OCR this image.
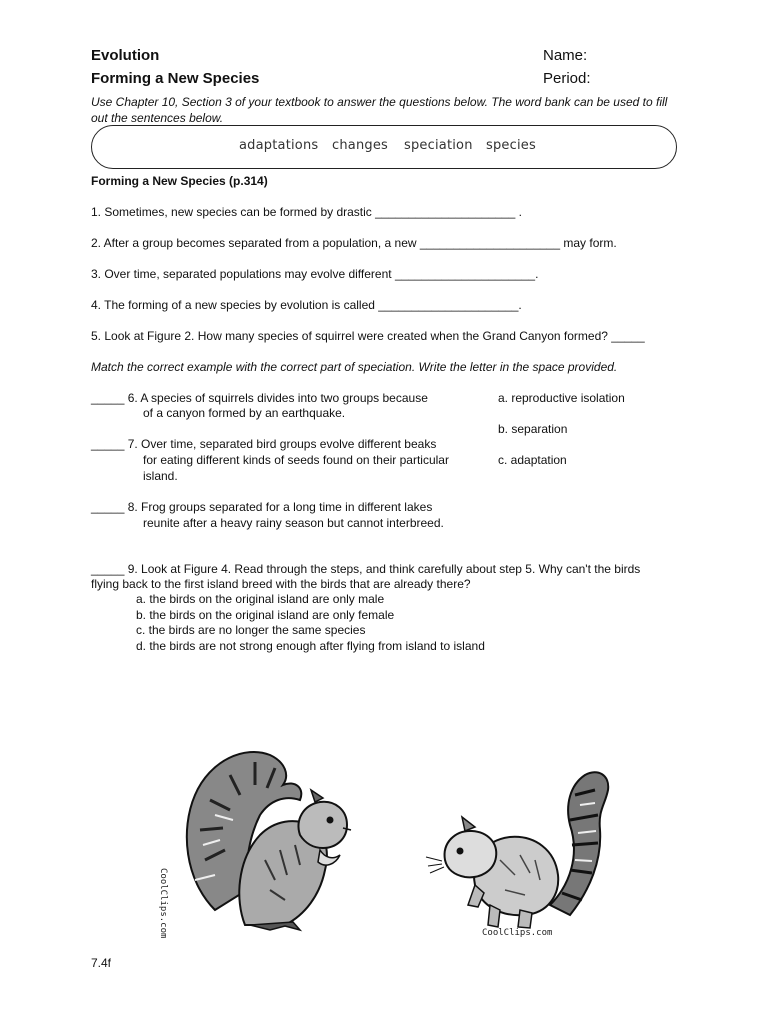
Evolution
Forming a New Species
Name:
Period:
Use Chapter 10, Section 3 of your textbook to answer the questions below. The word bank can be used to fill out the sentences below.
adaptations changes speciation species
Forming a New Species (p.314)
1. Sometimes, new species can be formed by drastic _____________________ .
2. After a group becomes separated from a population, a new _____________________ may form.
3. Over time, separated populations may evolve different _____________________.
4. The forming of a new species by evolution is called _____________________.
5. Look at Figure 2. How many species of squirrel were created when the Grand Canyon formed? _____
Match the correct example with the correct part of speciation. Write the letter in the space provided.
_____ 6. A species of squirrels divides into two groups because
of a canyon formed by an earthquake.
_____ 7. Over time, separated bird groups evolve different beaks
for eating different kinds of seeds found on their particular
island.
_____ 8. Frog groups separated for a long time in different lakes
reunite after a heavy rainy season but cannot interbreed.
a. reproductive isolation
b. separation
c. adaptation
_____ 9. Look at Figure 4. Read through the steps, and think carefully about step 5. Why can't the birds
flying back to the first island breed with the birds that are already there?
a. the birds on the original island are only male
b. the birds on the original island are only female
c. the birds are no longer the same species
d. the birds are not strong enough after flying from island to island
CoolClips.com	CoolClips.com
7.4f
